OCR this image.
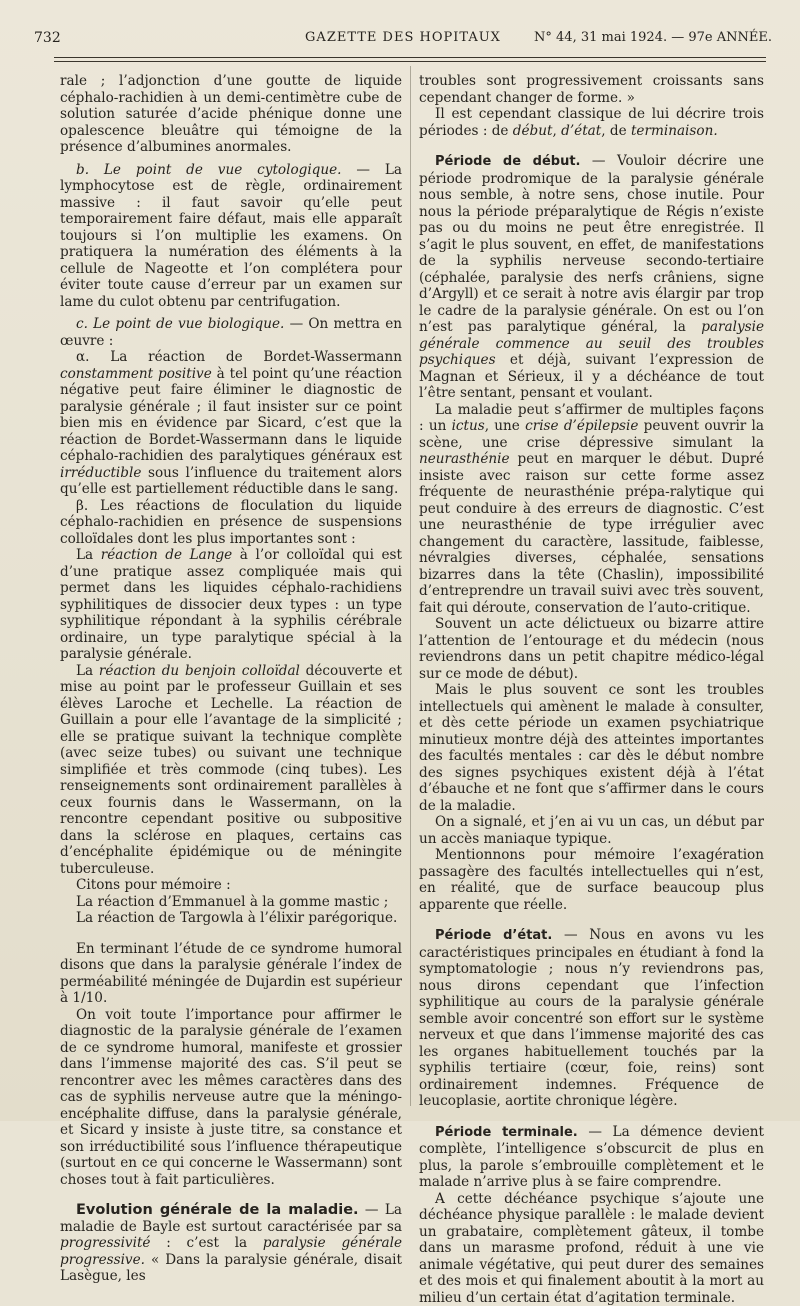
732	GAZETTE DES HOPITAUX	N° 44, 31 mai 1924. — 97e ANNÉE.

rale ; l’adjonction d’une goutte de liquide céphalo-rachidien à un demi-centimètre cube de solution saturée d’acide phénique donne une opalescence bleuâtre qui témoigne de la présence d’albumines anormales.

b. Le point de vue cytologique. — La lymphocytose est de règle, ordinairement massive : il faut savoir qu’elle peut temporairement faire défaut, mais elle apparaît toujours si l’on multiplie les examens. On pratiquera la numération des éléments à la cellule de Nageotte et l’on complétera pour éviter toute cause d’erreur par un examen sur lame du culot obtenu par centrifugation.

c. Le point de vue biologique. — On mettra en œuvre :

α. La réaction de Bordet-Wassermann constamment positive à tel point qu’une réaction négative peut faire éliminer le diagnostic de paralysie générale ; il faut insister sur ce point bien mis en évidence par Sicard, c’est que la réaction de Bordet-Wassermann dans le liquide céphalo-rachidien des paralytiques généraux est irréductible sous l’influence du traitement alors qu’elle est partiellement réductible dans le sang.

β. Les réactions de floculation du liquide céphalo-rachidien en présence de suspensions colloïdales dont les plus importantes sont :

La réaction de Lange à l’or colloïdal qui est d’une pratique assez compliquée mais qui permet dans les liquides céphalo-rachidiens syphilitiques de dissocier deux types : un type syphilitique répondant à la syphilis cérébrale ordinaire, un type paralytique spécial à la paralysie générale.

La réaction du benjoin colloïdal découverte et mise au point par le professeur Guillain et ses élèves Laroche et Lechelle. La réaction de Guillain a pour elle l’avantage de la simplicité ; elle se pratique suivant la technique complète (avec seize tubes) ou suivant une technique simplifiée et très commode (cinq tubes). Les renseignements sont ordinairement parallèles à ceux fournis dans le Wassermann, on la rencontre cependant positive ou subpositive dans la sclérose en plaques, certains cas d’encéphalite épidémique ou de méningite tuberculeuse.

Citons pour mémoire :

La réaction d’Emmanuel à la gomme mastic ;

La réaction de Targowla à l’élixir parégorique.

En terminant l’étude de ce syndrome humoral disons que dans la paralysie générale l’index de perméabilité méningée de Dujardin est supérieur à 1/10.

On voit toute l’importance pour affirmer le diagnostic de la paralysie générale de l’examen de ce syndrome humoral, manifeste et grossier dans l’immense majorité des cas. S’il peut se rencontrer avec les mêmes caractères dans des cas de syphilis nerveuse autre que la méningo-encéphalite diffuse, dans la paralysie générale, et Sicard y insiste à juste titre, sa constance et son irréductibilité sous l’influence thérapeutique (surtout en ce qui concerne le Wassermann) sont choses tout à fait particulières.

Evolution générale de la maladie. — La maladie de Bayle est surtout caractérisée par sa progressivité : c’est la paralysie générale progressive. « Dans la paralysie générale, disait Lasègue, les

troubles sont progressivement croissants sans cependant changer de forme. »

Il est cependant classique de lui décrire trois périodes : de début, d’état, de terminaison.

Période de début. — Vouloir décrire une période prodromique de la paralysie générale nous semble, à notre sens, chose inutile. Pour nous la période préparalytique de Régis n’existe pas ou du moins ne peut être enregistrée. Il s’agit le plus souvent, en effet, de manifestations de la syphilis nerveuse secondo-tertiaire (céphalée, paralysie des nerfs crâniens, signe d’Argyll) et ce serait à notre avis élargir par trop le cadre de la paralysie générale. On est ou l’on n’est pas paralytique général, la paralysie générale commence au seuil des troubles psychiques et déjà, suivant l’expression de Magnan et Sérieux, il y a déchéance de tout l’être sentant, pensant et voulant.

La maladie peut s’affirmer de multiples façons : un ictus, une crise d’épilepsie peuvent ouvrir la scène, une crise dépressive simulant la neurasthénie peut en marquer le début. Dupré insiste avec raison sur cette forme assez fréquente de neurasthénie prépa-ralytique qui peut conduire à des erreurs de diagnostic. C’est une neurasthénie de type irrégulier avec changement du caractère, lassitude, faiblesse, névralgies diverses, céphalée, sensations bizarres dans la tête (Chaslin), impossibilité d’entreprendre un travail suivi avec très souvent, fait qui déroute, conservation de l’auto-critique.

Souvent un acte délictueux ou bizarre attire l’attention de l’entourage et du médecin (nous reviendrons dans un petit chapitre médico-légal sur ce mode de début).

Mais le plus souvent ce sont les troubles intellectuels qui amènent le malade à consulter, et dès cette période un examen psychiatrique minutieux montre déjà des atteintes importantes des facultés mentales : car dès le début nombre des signes psychiques existent déjà à l’état d’ébauche et ne font que s’affirmer dans le cours de la maladie.

On a signalé, et j’en ai vu un cas, un début par un accès maniaque typique.

Mentionnons pour mémoire l’exagération passagère des facultés intellectuelles qui n’est, en réalité, que de surface beaucoup plus apparente que réelle.

Période d’état. — Nous en avons vu les caractéristiques principales en étudiant à fond la symptomatologie ; nous n’y reviendrons pas, nous dirons cependant que l’infection syphilitique au cours de la paralysie générale semble avoir concentré son effort sur le système nerveux et que dans l’immense majorité des cas les organes habituellement touchés par la syphilis tertiaire (cœur, foie, reins) sont ordinairement indemnes. Fréquence de leucoplasie, aortite chronique légère.

Période terminale. — La démence devient complète, l’intelligence s’obscurcit de plus en plus, la parole s’embrouille complètement et le malade n’arrive plus à se faire comprendre.

A cette déchéance psychique s’ajoute une déchéance physique parallèle : le malade devient un grabataire, complètement gâteux, il tombe dans un marasme profond, réduit à une vie animale végétative, qui peut durer des semaines et des mois et qui finalement aboutit à la mort au milieu d’un certain état d’agitation terminale.
